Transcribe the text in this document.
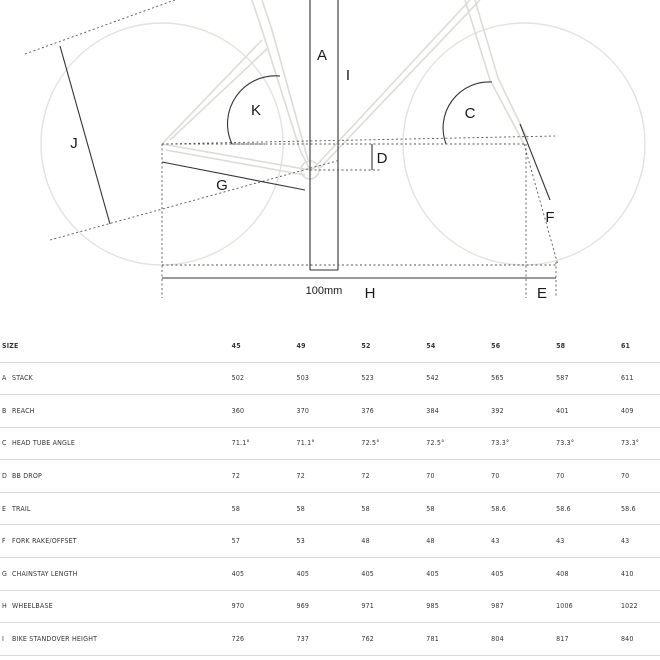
A
I
K	C
J
D
G
F
100mm H	E
SIZE	45	49	52	54	56	58	61
A STACK	502	503	523	542	565	587	611
B REACH	360	370	376	384	392	401	409
C HEAD TUBE ANGLE	71.1°	71.1°	72.5°	72.5°	73.3°	73.3°	73.3°
D BB DROP	72	72	72	70	70	70	70
E TRAIL	58	58	58	58	58.6	58.6	58.6
F FORK RAKE/OFFSET	57	53	48	48	43	43	43
G CHAINSTAY LENGTH	405	405	405	405	405	408	410
H WHEELBASE	970	969	971	985	987	1006	1022
I BIKE STANDOVER HEIGHT	726	737	762	781	804	817	840
